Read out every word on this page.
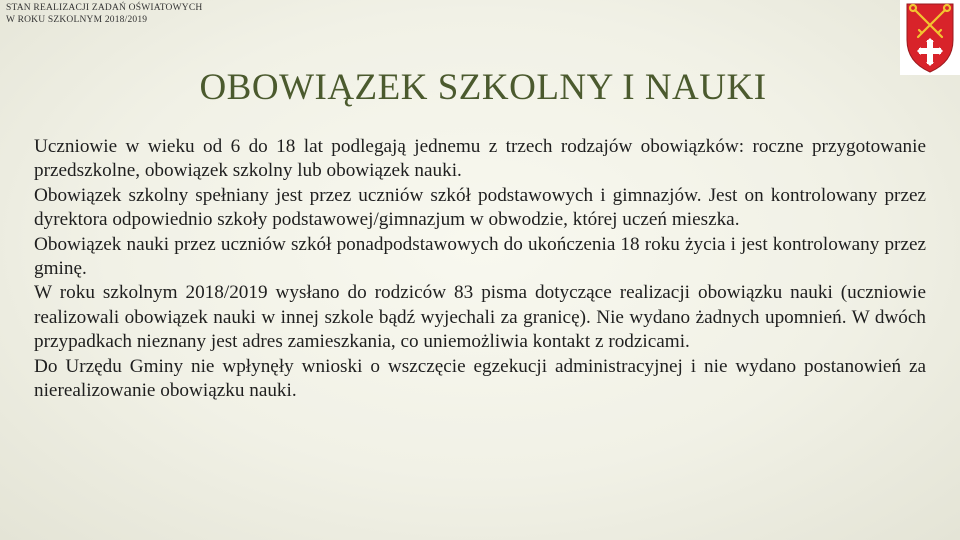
STAN REALIZACJI ZADAŃ OŚWIATOWYCH
W ROKU SZKOLNYM 2018/2019
OBOWIĄZEK SZKOLNY I NAUKI

Uczniowie w wieku od 6 do 18 lat podlegają jednemu z trzech rodzajów obowiązków: roczne przygotowanie przedszkolne, obowiązek szkolny lub obowiązek nauki.

Obowiązek szkolny spełniany jest przez uczniów szkół podstawowych i gimnazjów. Jest on kontrolowany przez dyrektora odpowiednio szkoły podstawowej/gimnazjum w obwodzie, której uczeń mieszka.

Obowiązek nauki przez uczniów szkół ponadpodstawowych do ukończenia 18 roku życia i jest kontrolowany przez gminę.

W roku szkolnym 2018/2019 wysłano do rodziców 83 pisma dotyczące realizacji obowiązku nauki (uczniowie realizowali obowiązek nauki w innej szkole bądź wyjechali za granicę). Nie wydano żadnych upomnień. W dwóch przypadkach nieznany jest adres zamieszkania, co uniemożliwia kontakt z rodzicami.

Do Urzędu Gminy nie wpłynęły wnioski o wszczęcie egzekucji administracyjnej i nie wydano postanowień za nierealizowanie obowiązku nauki.
